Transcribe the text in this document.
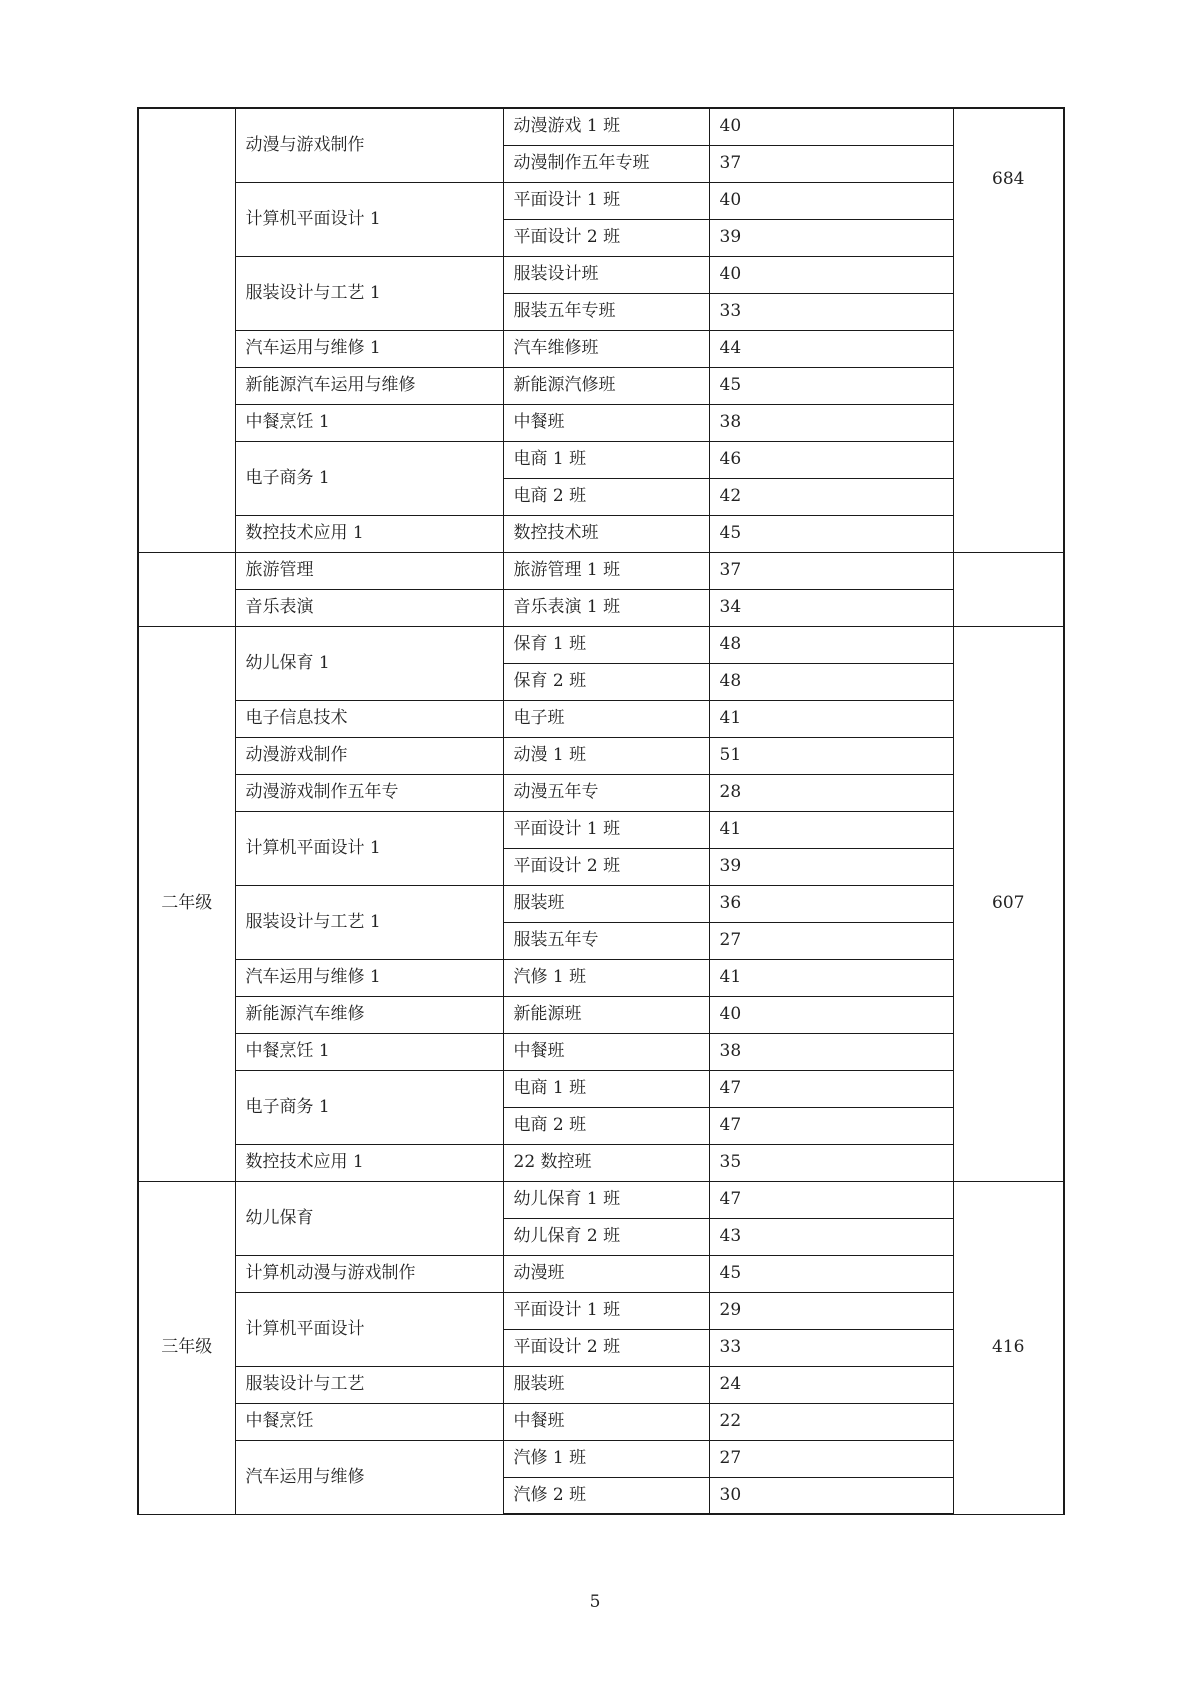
	动漫与游戏制作	动漫游戏 1 班	40	684
		动漫制作五年专班	37	
	计算机平面设计 1	平面设计 1 班	40	
		平面设计 2 班	39	
	服装设计与工艺 1	服装设计班	40	
		服装五年专班	33	
	汽车运用与维修 1	汽车维修班	44	
	新能源汽车运用与维修	新能源汽修班	45	
	中餐烹饪 1	中餐班	38	
	电子商务 1	电商 1 班	46	
		电商 2 班	42	
	数控技术应用 1	数控技术班	45	
	旅游管理	旅游管理 1 班	37	
	音乐表演	音乐表演 1 班	34	
二年级	幼儿保育 1	保育 1 班	48	607
		保育 2 班	48	
	电子信息技术	电子班	41	
	动漫游戏制作	动漫 1 班	51	
	动漫游戏制作五年专	动漫五年专	28	
	计算机平面设计 1	平面设计 1 班	41	
		平面设计 2 班	39	
	服装设计与工艺 1	服装班	36	
		服装五年专	27	
	汽车运用与维修 1	汽修 1 班	41	
	新能源汽车维修	新能源班	40	
	中餐烹饪 1	中餐班	38	
	电子商务 1	电商 1 班	47	
		电商 2 班	47	
	数控技术应用 1	22 数控班	35	
三年级	幼儿保育	幼儿保育 1 班	47	416
		幼儿保育 2 班	43	
	计算机动漫与游戏制作	动漫班	45	
	计算机平面设计	平面设计 1 班	29	
		平面设计 2 班	33	
	服装设计与工艺	服装班	24	
	中餐烹饪	中餐班	22	
	汽车运用与维修	汽修 1 班	27	
		汽修 2 班	30	
5
